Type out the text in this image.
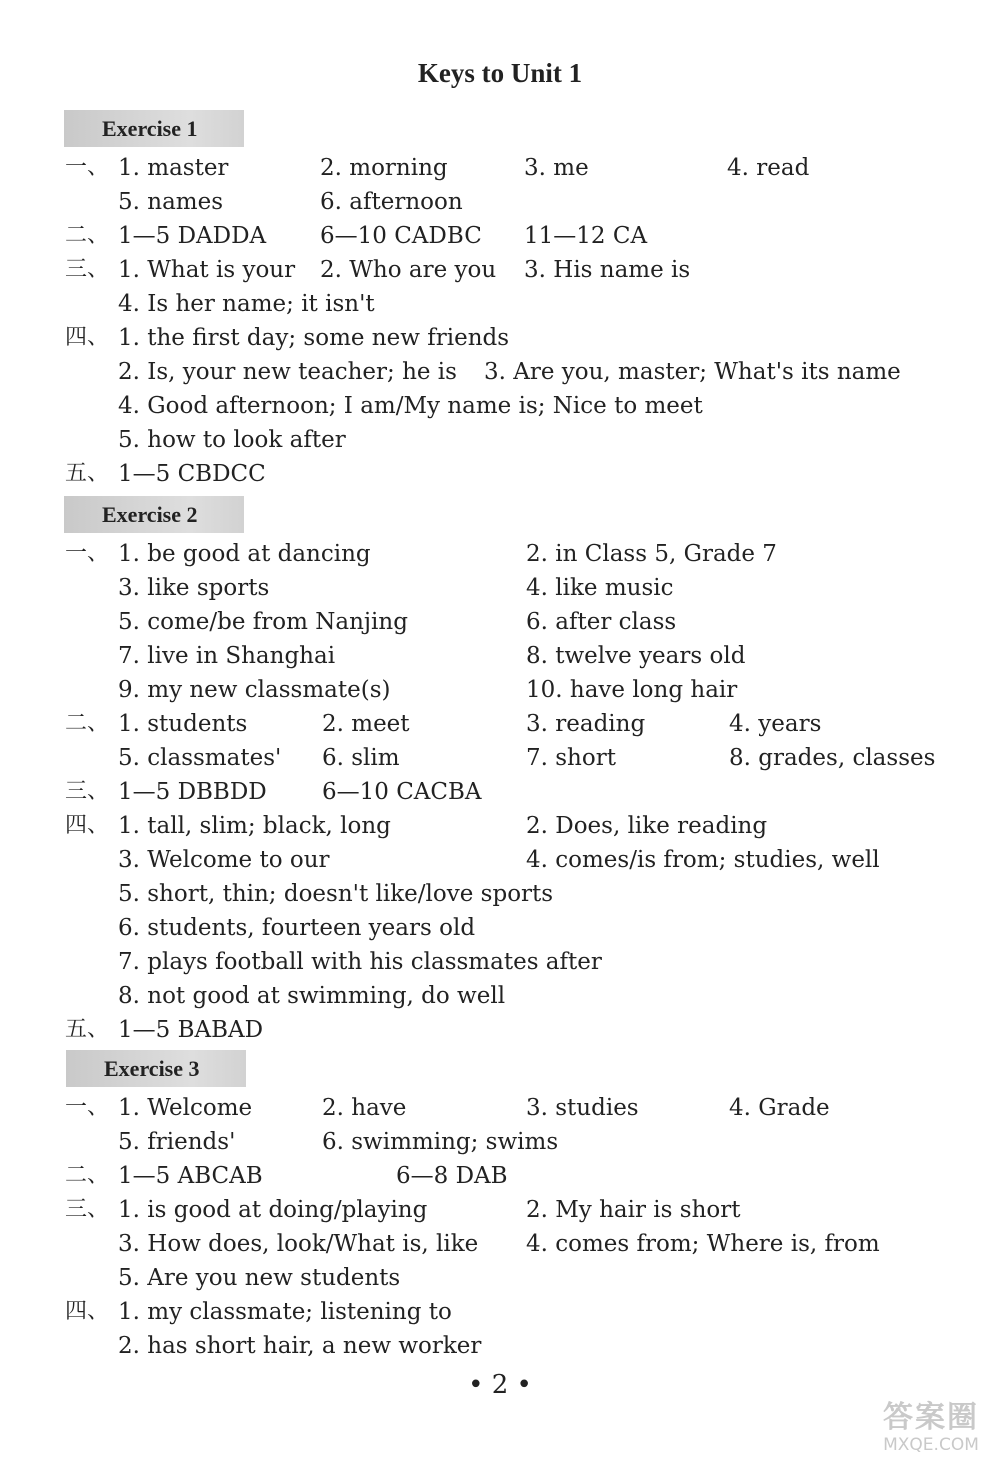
Keys to Unit 1
Exercise 1
一、 1. master	2. morning	3. me	4. read
5. names	6. afternoon
二、 1—5 DADDA 6—10 CADBC 11—12 CA
三、 1. What is your 2. Who are you 3. His name is
4. Is her name; it isn't
四、 1. the first day; some new friends
2. Is, your new teacher; he is 3. Are you, master; What's its name
4. Good afternoon; I am/My name is; Nice to meet
5. how to look after
五、 1—5 CBDCC
Exercise 2
一、 1. be good at dancing	2. in Class 5, Grade 7
3. like sports	4. like music
5. come/be from Nanjing	6. after class
7. live in Shanghai	8. twelve years old
9. my new classmate(s)	10. have long hair
二、 1. students	2. meet	3. reading	4. years
5. classmates' 6. slim	7. short	8. grades, classes
三、 1—5 DBBDD 6—10 CACBA
四、 1. tall, slim; black, long	2. Does, like reading
3. Welcome to our	4. comes/is from; studies, well
5. short, thin; doesn't like/love sports
6. students, fourteen years old
7. plays football with his classmates after
8. not good at swimming, do well
五、 1—5 BABAD
Exercise 3
一、 1. Welcome	2. have	3. studies	4. Grade
5. friends'	6. swimming; swims
二、 1—5 ABCAB	6—8 DAB
三、 1. is good at doing/playing	2. My hair is short
3. How does, look/What is, like 4. comes from; Where is, from
5. Are you new students
四、 1. my classmate; listening to
2. has short hair, a new worker
• 2 •
答案圈
MXQE.COM
